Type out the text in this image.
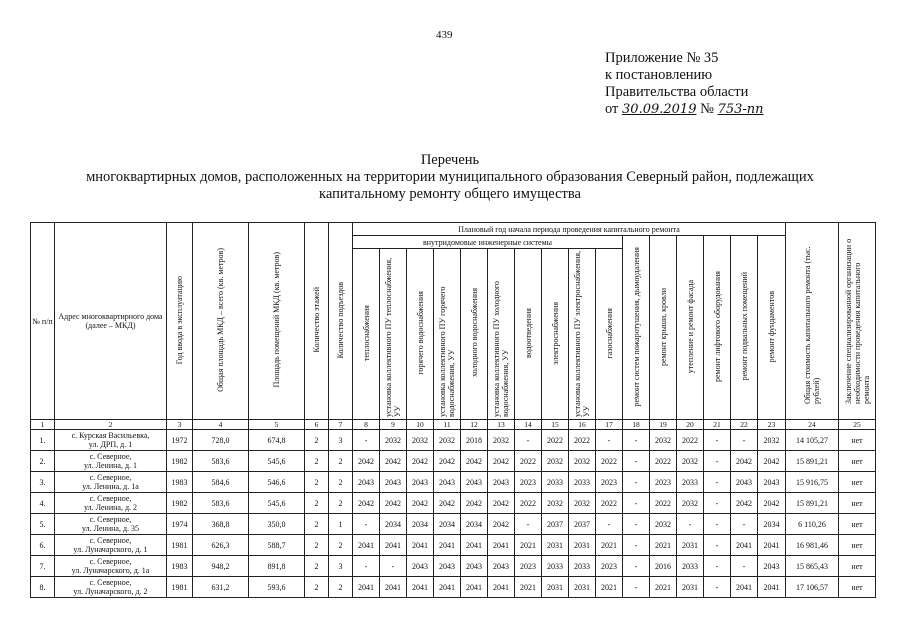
439
Приложение № 35
к постановлению
Правительства области
от 30.09.2019 № 753-пп
Перечень
многоквартирных домов, расположенных на территории муниципального образования Северный район, подлежащих
капитальному ремонту общего имущества
№ п/п	Адрес многоквартирного дома (далее – МКД)	Год ввода в эксплуатацию	Общая площадь МКД – всего (кв. метров)	Площадь помещений МКД (кв. метров)	Количество этажей	Количество подъездов	Плановый год начала периода проведения капитального ремонта																Общая стоимость капитального ремонта (тыс. рублей)	Заключение специализированной организации о необходимости проведения капитального ремонта
							внутридомовые инженерные системы										ремонт систем пожаротушения, дымоудаления	ремонт крыши, кровли	утепление и ремонт фасада	ремонт лифтового оборудования	ремонт подвальных помещений	ремонт фундаментов		
							теплоснабжения	установка коллективного ПУ теплоснабжения, УУ	горячего водоснабжения	установка коллективного ПУ горячего водоснабжения, УУ	холодного водоснабжения	установка коллективного ПУ холодного водоснабжения, УУ	водоотведения	электроснабжения	установка коллективного ПУ электроснабжения, УУ	газоснабжения								
1	2	3	4	5	6	7	8	9	10	11	12	13	14	15	16	17	18	19	20	21	22	23	24	25
1.	с. Курская Васильевка,
ул. ДРП, д. 1	1972	728,0	674,8	2	3	-	2032	2032	2032	2018	2032	-	2022	2022	-	-	2032	2022	-	-	2032	14 105,27	нет
2.	с. Северное,
ул. Ленина, д. 1	1982	583,6	545,6	2	2	2042	2042	2042	2042	2042	2042	2022	2032	2032	2022	-	2022	2032	-	2042	2042	15 891,21	нет
3.	с. Северное,
ул. Ленина, д. 1а	1983	584,6	546,6	2	2	2043	2043	2043	2043	2043	2043	2023	2033	2033	2023	-	2023	2033	-	2043	2043	15 916,75	нет
4.	с. Северное,
ул. Ленина, д. 2	1982	583,6	545,6	2	2	2042	2042	2042	2042	2042	2042	2022	2032	2032	2022	-	2022	2032	-	2042	2042	15 891,21	нет
5.	с. Северное,
ул. Ленина, д. 35	1974	368,8	350,0	2	1	-	2034	2034	2034	2034	2042	-	2037	2037	-	-	2032	-	-	-	2034	6 110,26	нет
6.	с. Северное,
ул. Луначарского, д. 1	1981	626,3	588,7	2	2	2041	2041	2041	2041	2041	2041	2021	2031	2031	2021	-	2021	2031	-	2041	2041	16 981,46	нет
7.	с. Северное,
ул. Луначарского, д. 1а	1983	948,2	891,8	2	3	-	-	2043	2043	2043	2043	2023	2033	2033	2023	-	2016	2033	-	-	2043	15 865,43	нет
8.	с. Северное,
ул. Луначарского, д. 2	1981	631,2	593,6	2	2	2041	2041	2041	2041	2041	2041	2021	2031	2031	2021	-	2021	2031	-	2041	2041	17 106,57	нет
